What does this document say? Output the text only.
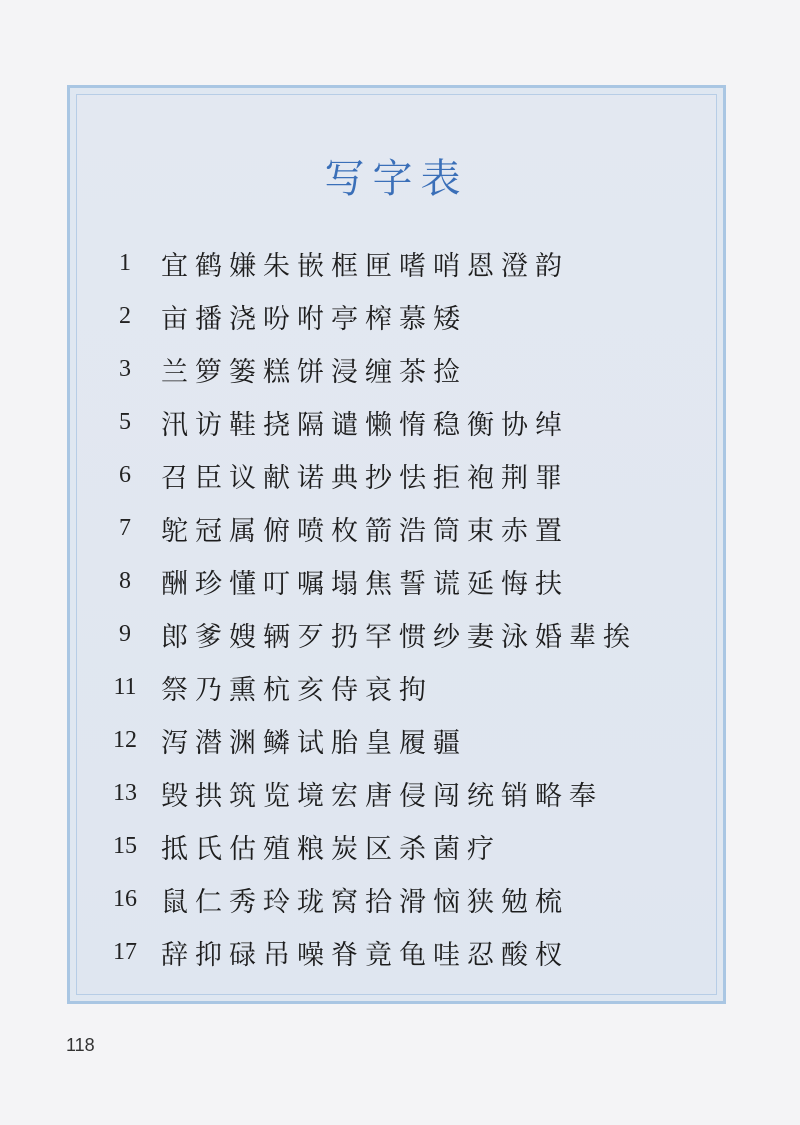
写字表
1	宜鹤嫌朱嵌框匣嗜哨恩澄韵
2	亩播浇吩咐亭榨慕矮
3	兰箩篓糕饼浸缠茶捡
5	汛访鞋挠隔谴懒惰稳衡协绰
6	召臣议献诺典抄怯拒袍荆罪
7	鸵冠属俯喷枚箭浩筒束赤置
8	酬珍懂叮嘱塌焦誓谎延悔扶
9	郎爹嫂辆歹扔罕惯纱妻泳婚辈挨
11 祭乃熏杭亥侍哀拘
12 泻潜渊鳞试胎皇履疆
13 毁拱筑览境宏唐侵闯统销略奉
15 抵氏估殖粮炭区杀菌疗
16 鼠仁秀玲珑窝拾滑恼狭勉梳
17 辞抑碌吊噪脊竟龟哇忍酸杈
118
